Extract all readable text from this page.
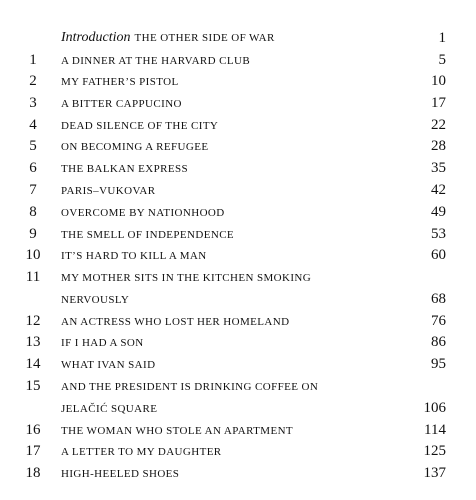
Introduction THE OTHER SIDE OF WAR	1
1	A DINNER AT THE HARVARD CLUB	5
2	MY FATHER’S PISTOL	10
3	A BITTER CAPPUCINO	17
4	DEAD SILENCE OF THE CITY	22
5	ON BECOMING A REFUGEE	28
6	THE BALKAN EXPRESS	35
7	PARIS–VUKOVAR	42
8	OVERCOME BY NATIONHOOD	49
9	THE SMELL OF INDEPENDENCE	53
10	IT’S HARD TO KILL A MAN	60
11	MY MOTHER SITS IN THE KITCHEN SMOKING
NERVOUSLY	68
12	AN ACTRESS WHO LOST HER HOMELAND	76
13	IF I HAD A SON	86
14	WHAT IVAN SAID	95
15	AND THE PRESIDENT IS DRINKING COFFEE ON
JELAČIĆ SQUARE	106
16	THE WOMAN WHO STOLE AN APARTMENT	114
17	A LETTER TO MY DAUGHTER	125
18	HIGH-HEELED SHOES	137
